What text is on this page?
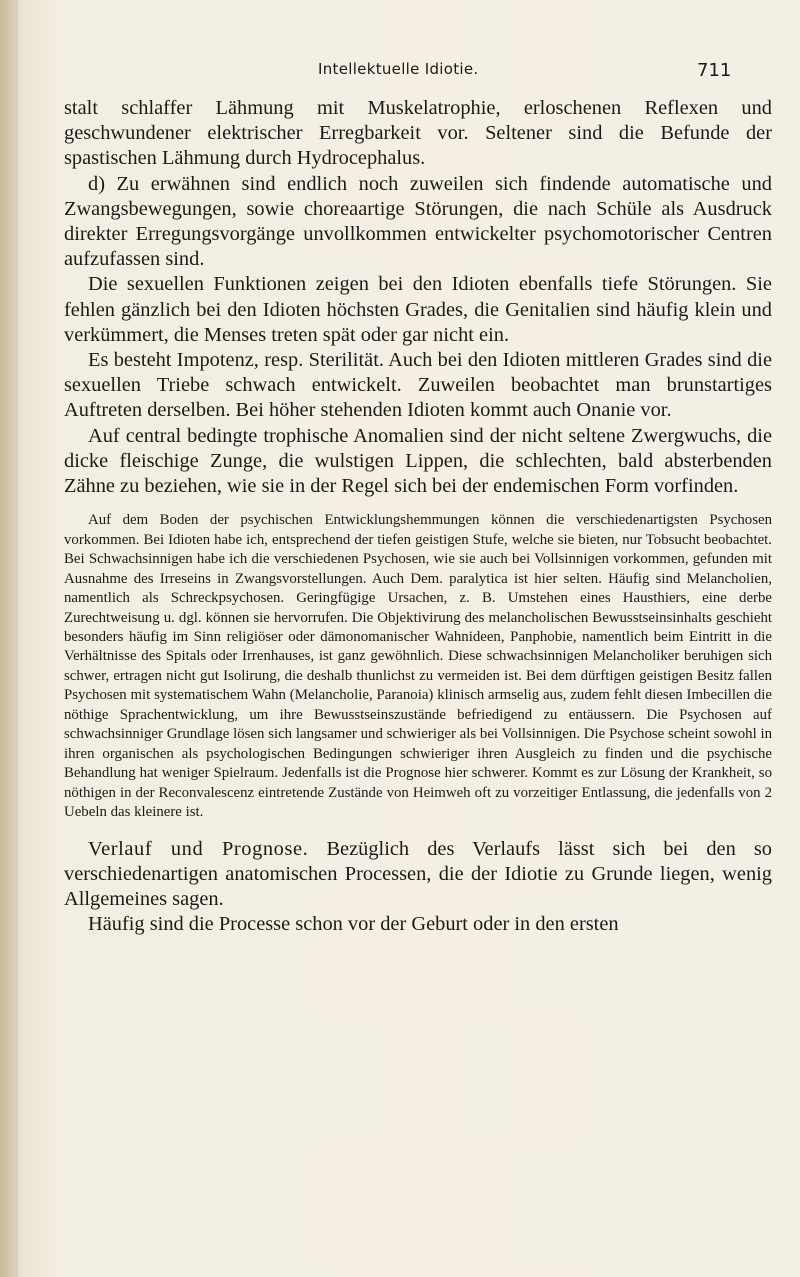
Intellektuelle Idiotie.	711

stalt schlaffer Lähmung mit Muskelatrophie, erloschenen Reflexen und geschwundener elektrischer Erregbarkeit vor. Seltener sind die Befunde der spastischen Lähmung durch Hydrocephalus.

d) Zu erwähnen sind endlich noch zuweilen sich findende automatische und Zwangsbewegungen, sowie choreaartige Störungen, die nach Schüle als Ausdruck direkter Erregungsvorgänge unvollkommen entwickelter psychomotorischer Centren aufzufassen sind.

Die sexuellen Funktionen zeigen bei den Idioten ebenfalls tiefe Störungen. Sie fehlen gänzlich bei den Idioten höchsten Grades, die Genitalien sind häufig klein und verkümmert, die Menses treten spät oder gar nicht ein.

Es besteht Impotenz, resp. Sterilität. Auch bei den Idioten mittleren Grades sind die sexuellen Triebe schwach entwickelt. Zuweilen beobachtet man brunstartiges Auftreten derselben. Bei höher stehenden Idioten kommt auch Onanie vor.

Auf central bedingte trophische Anomalien sind der nicht seltene Zwergwuchs, die dicke fleischige Zunge, die wulstigen Lippen, die schlechten, bald absterbenden Zähne zu beziehen, wie sie in der Regel sich bei der endemischen Form vorfinden.

Auf dem Boden der psychischen Entwicklungshemmungen können die verschiedenartigsten Psychosen vorkommen. Bei Idioten habe ich, entsprechend der tiefen geistigen Stufe, welche sie bieten, nur Tobsucht beobachtet. Bei Schwachsinnigen habe ich die verschiedenen Psychosen, wie sie auch bei Vollsinnigen vorkommen, gefunden mit Ausnahme des Irreseins in Zwangsvorstellungen. Auch Dem. paralytica ist hier selten. Häufig sind Melancholien, namentlich als Schreckpsychosen. Geringfügige Ursachen, z. B. Umstehen eines Hausthiers, eine derbe Zurechtweisung u. dgl. können sie hervorrufen. Die Objektivirung des melancholischen Bewusstseinsinhalts geschieht besonders häufig im Sinn religiöser oder dämonomanischer Wahnideen, Panphobie, namentlich beim Eintritt in die Verhältnisse des Spitals oder Irrenhauses, ist ganz gewöhnlich. Diese schwachsinnigen Melancholiker beruhigen sich schwer, ertragen nicht gut Isolirung, die deshalb thunlichst zu vermeiden ist. Bei dem dürftigen geistigen Besitz fallen Psychosen mit systematischem Wahn (Melancholie, Paranoia) klinisch armselig aus, zudem fehlt diesen Imbecillen die nöthige Sprachentwicklung, um ihre Bewusstseinszustände befriedigend zu entäussern. Die Psychosen auf schwachsinniger Grundlage lösen sich langsamer und schwieriger als bei Vollsinnigen. Die Psychose scheint sowohl in ihren organischen als psychologischen Bedingungen schwieriger ihren Ausgleich zu finden und die psychische Behandlung hat weniger Spielraum. Jedenfalls ist die Prognose hier schwerer. Kommt es zur Lösung der Krankheit, so nöthigen in der Reconvalescenz eintretende Zustände von Heimweh oft zu vorzeitiger Entlassung, die jedenfalls von 2 Uebeln das kleinere ist.

Verlauf und Prognose. Bezüglich des Verlaufs lässt sich bei den so verschiedenartigen anatomischen Processen, die der Idiotie zu Grunde liegen, wenig Allgemeines sagen.

Häufig sind die Processe schon vor der Geburt oder in den ersten
